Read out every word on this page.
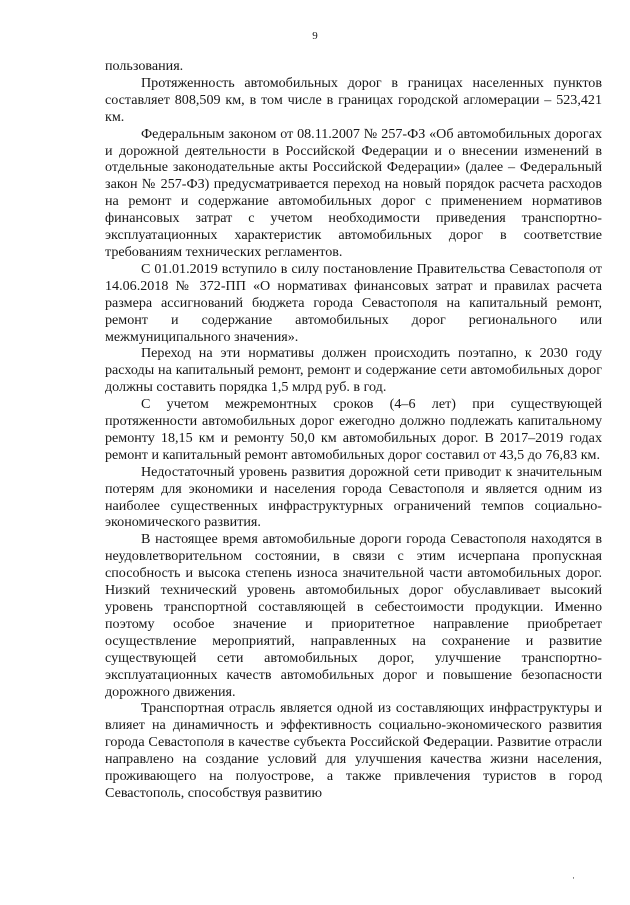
9

пользования.

Протяженность автомобильных дорог в границах населенных пунктов составляет 808,509 км, в том числе в границах городской агломерации – 523,421 км.

Федеральным законом от 08.11.2007 № 257-ФЗ «Об автомобильных дорогах и дорожной деятельности в Российской Федерации и о внесении изменений в отдельные законодательные акты Российской Федерации» (далее – Федеральный закон № 257-ФЗ) предусматривается переход на новый порядок расчета расходов на ремонт и содержание автомобильных дорог с применением нормативов финансовых затрат с учетом необходимости приведения транспортно-эксплуатационных характеристик автомобильных дорог в соответствие требованиям технических регламентов.

С 01.01.2019 вступило в силу постановление Правительства Севастополя от 14.06.2018 № 372-ПП «О нормативах финансовых затрат и правилах расчета размера ассигнований бюджета города Севастополя на капитальный ремонт, ремонт и содержание автомобильных дорог регионального или межмуниципального значения».

Переход на эти нормативы должен происходить поэтапно, к 2030 году расходы на капитальный ремонт, ремонт и содержание сети автомобильных дорог должны составить порядка 1,5 млрд руб. в год.

С учетом межремонтных сроков (4–6 лет) при существующей протяженности автомобильных дорог ежегодно должно подлежать капитальному ремонту 18,15 км и ремонту 50,0 км автомобильных дорог. В 2017–2019 годах ремонт и капитальный ремонт автомобильных дорог составил от 43,5 до 76,83 км.

Недостаточный уровень развития дорожной сети приводит к значительным потерям для экономики и населения города Севастополя и является одним из наиболее существенных инфраструктурных ограничений темпов социально-экономического развития.

В настоящее время автомобильные дороги города Севастополя находятся в неудовлетворительном состоянии, в связи с этим исчерпана пропускная способность и высока степень износа значительной части автомобильных дорог. Низкий технический уровень автомобильных дорог обуславливает высокий уровень транспортной составляющей в себестоимости продукции. Именно поэтому особое значение и приоритетное направление приобретает осуществление мероприятий, направленных на сохранение и развитие существующей сети автомобильных дорог, улучшение транспортно-эксплуатационных качеств автомобильных дорог и повышение безопасности дорожного движения.

Транспортная отрасль является одной из составляющих инфраструктуры и влияет на динамичность и эффективность социально-экономического развития города Севастополя в качестве субъекта Российской Федерации. Развитие отрасли направлено на создание условий для улучшения качества жизни населения, проживающего на полуострове, а также привлечения туристов в город Севастополь, способствуя развитию

·
